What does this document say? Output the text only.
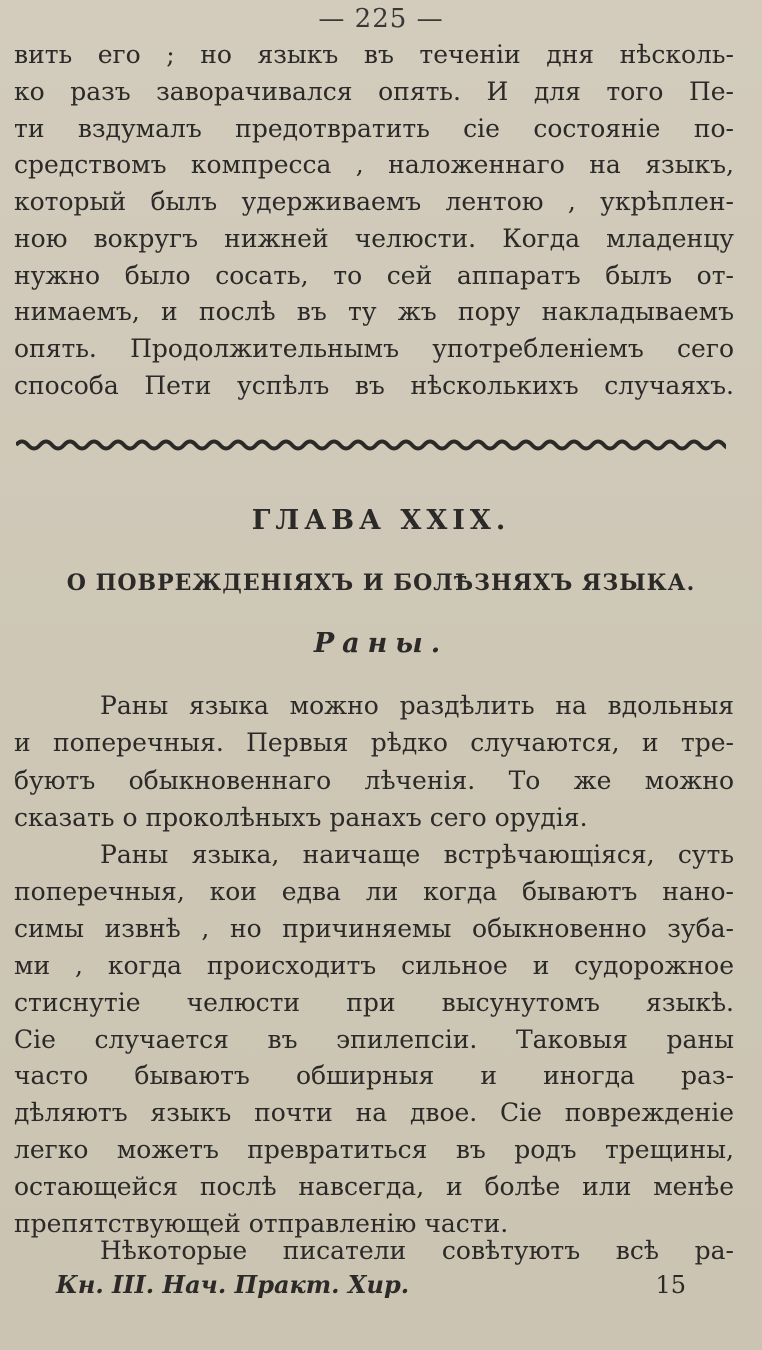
— 225 —
вить его ; но языкъ въ теченіи дня нѣсколь-
ко разъ заворачивался опять. И для того Пе-
ти вздумалъ предотвратить сіе состояніе по-
средствомъ компресса , наложеннаго на языкъ,
который былъ удерживаемъ лентою , укрѣплен-
ною вокругъ нижней челюсти. Когда младенцу
нужно было сосать, то сей аппаратъ былъ от-
нимаемъ, и послѣ въ ту жъ пору накладываемъ
опять. Продолжительнымъ употребленіемъ сего
способа Пети успѣлъ въ нѣсколькихъ случаяхъ.
ГЛАВА XXIX.
О ПОВРЕЖДЕНІЯХЪ И БОЛѢЗНЯХЪ ЯЗЫКА.
Раны.
Раны языка можно раздѣлить на вдольныя
и поперечныя. Первыя рѣдко случаются, и тре-
буютъ обыкновеннаго лѣченія. То же можно
сказать о проколѣныхъ ранахъ сего орудія.
Раны языка, наичаще встрѣчающіяся, суть
поперечныя, кои едва ли когда бываютъ нано-
симы извнѣ , но причиняемы обыкновенно зуба-
ми , когда происходитъ сильное и судорожное
стиснутіе челюсти при высунутомъ языкѣ.
Сіе случается въ эпилепсіи. Таковыя раны
часто бываютъ обширныя и иногда раз-
дѣляютъ языкъ почти на двое. Сіе поврежденіе
легко можетъ превратиться въ родъ трещины,
остающейся послѣ навсегда, и болѣе или менѣе
препятствующей отправленію части.
Нѣкоторые писатели совѣтуютъ всѣ ра-
Кн. III. Нач. Практ. Хир.	15
